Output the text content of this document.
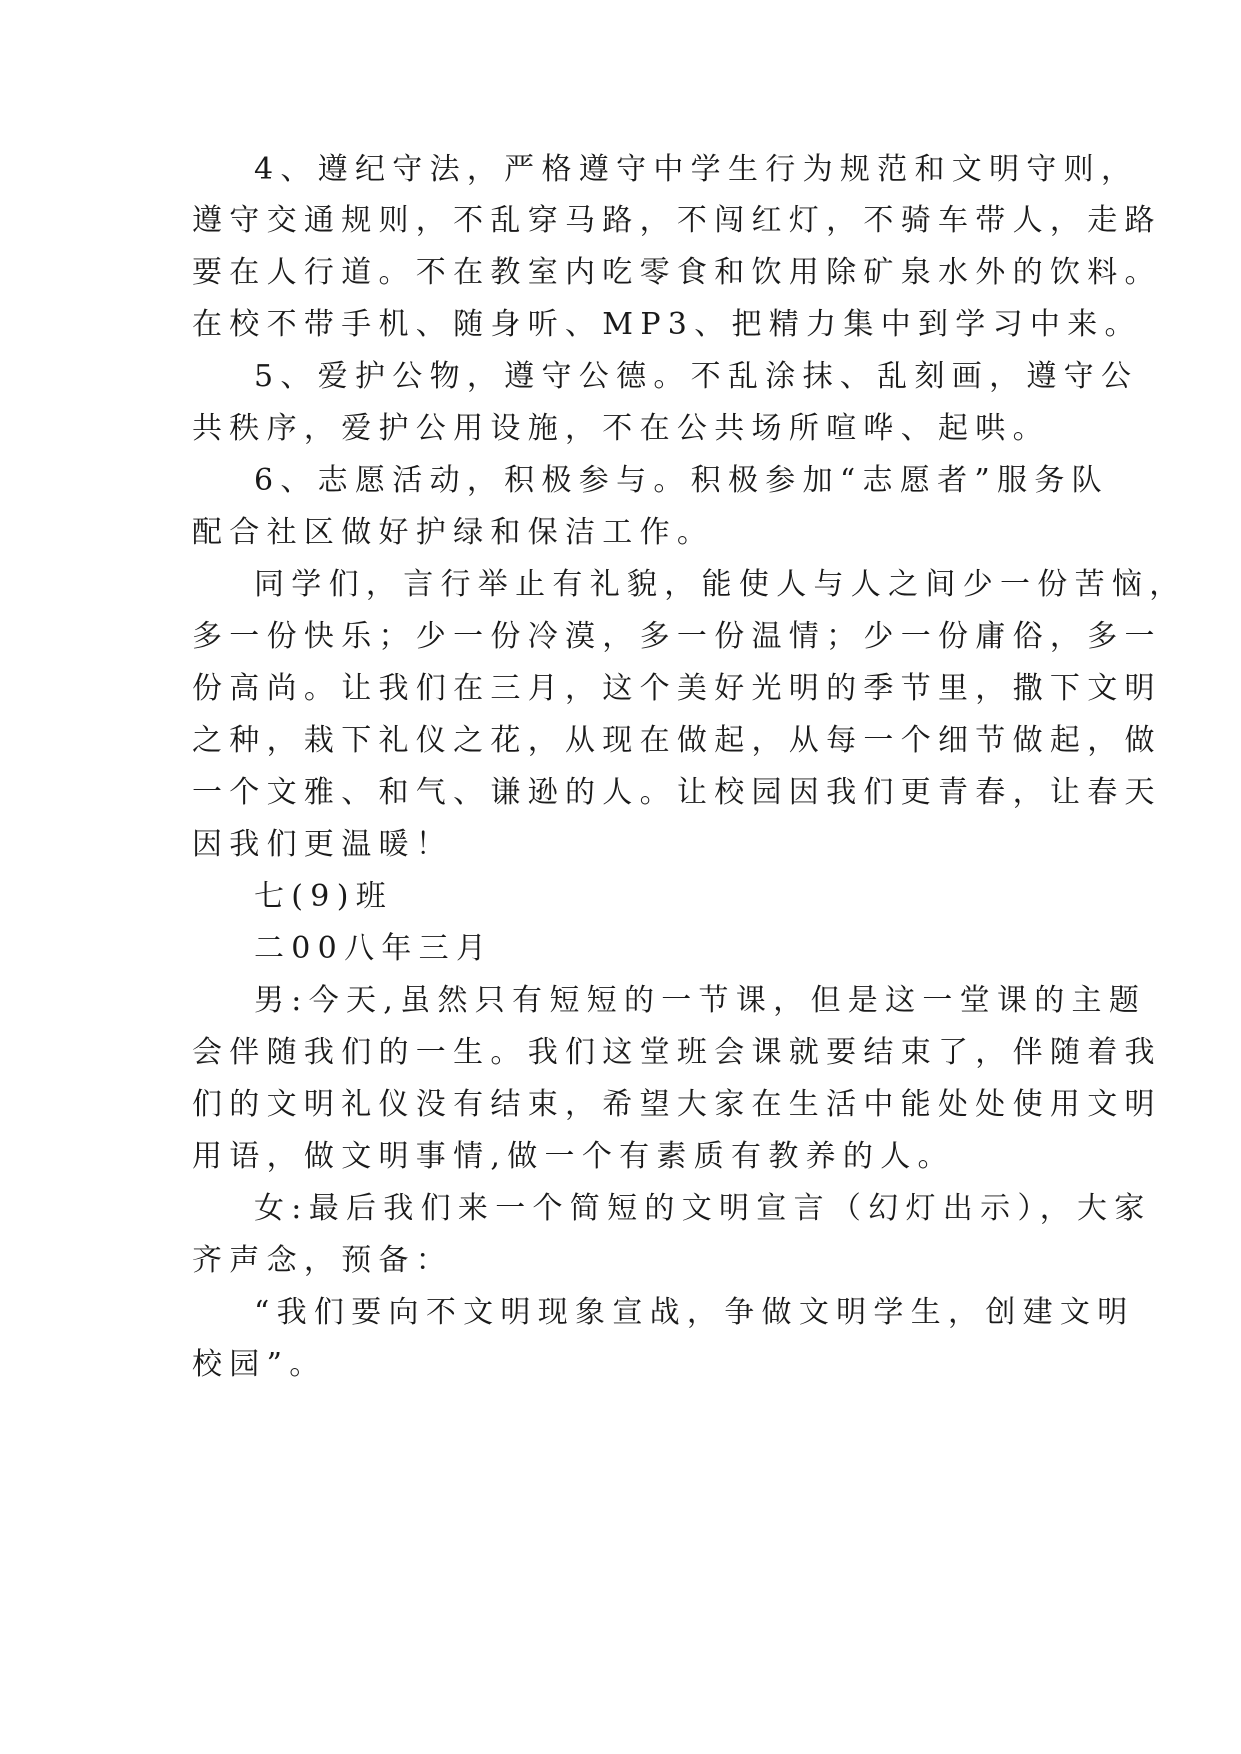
4、遵纪守法，严格遵守中学生行为规范和文明守则，

遵守交通规则，不乱穿马路，不闯红灯，不骑车带人，走路

要在人行道。不在教室内吃零食和饮用除矿泉水外的饮料。

在校不带手机、随身听、MP3、把精力集中到学习中来。

5、爱护公物，遵守公德。不乱涂抹、乱刻画，遵守公

共秩序，爱护公用设施，不在公共场所喧哗、起哄。

6、志愿活动，积极参与。积极参加“志愿者”服务队

配合社区做好护绿和保洁工作。

同学们，言行举止有礼貌，能使人与人之间少一份苦恼，

多一份快乐；少一份冷漠，多一份温情；少一份庸俗，多一

份高尚。让我们在三月，这个美好光明的季节里，撒下文明

之种，栽下礼仪之花，从现在做起，从每一个细节做起，做

一个文雅、和气、谦逊的人。让校园因我们更青春，让春天

因我们更温暖！

七(9)班

二00八年三月

男:今天,虽然只有短短的一节课，但是这一堂课的主题

会伴随我们的一生。我们这堂班会课就要结束了，伴随着我

们的文明礼仪没有结束，希望大家在生活中能处处使用文明

用语，做文明事情,做一个有素质有教养的人。

女:最后我们来一个简短的文明宣言（幻灯出示），大家

齐声念，预备：

“我们要向不文明现象宣战，争做文明学生，创建文明

校园”。
